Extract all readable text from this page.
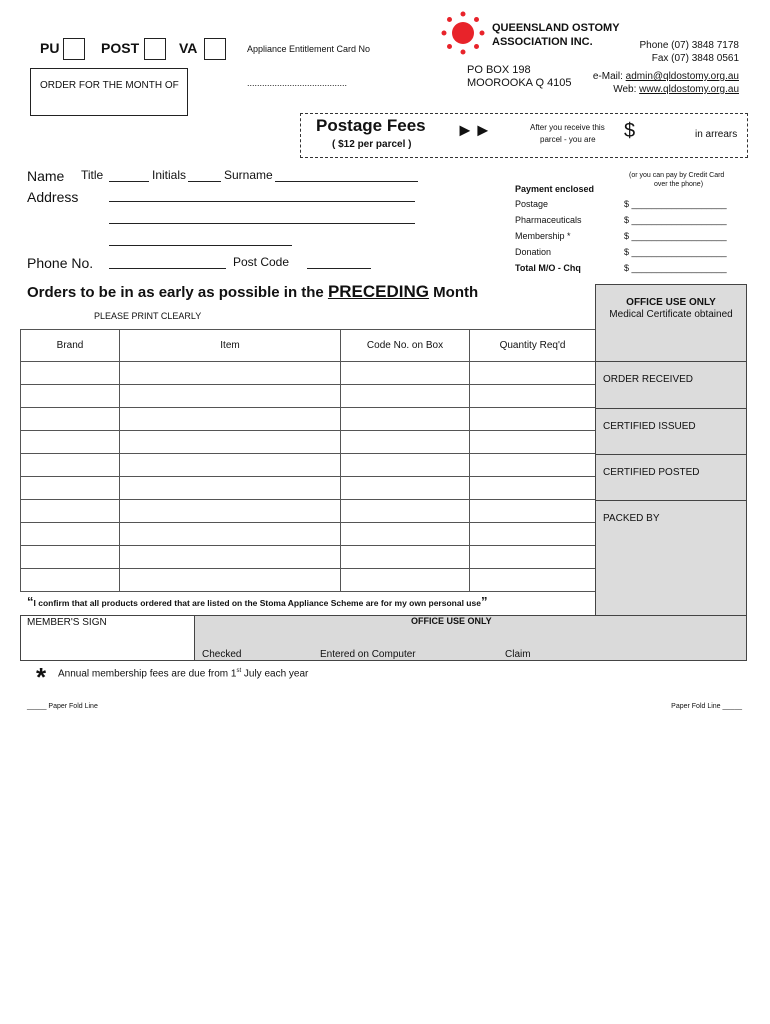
PU	POST	VA	Appliance Entitlement Card No
........................................
ORDER FOR THE MONTH OF
QUEENSLAND OSTOMY
ASSOCIATION INC.
PO BOX 198
MOOROOKA Q 4105
Phone (07) 3848 7178
Fax (07) 3848 0561
e-Mail: admin@qldostomy.org.au
Web: www.qldostomy.org.au
Postage Fees
( $12 per parcel )
►►	After you receive this
parcel - you are $	in arrears
Name Title	Initials	Surname
Address
Phone No.	Post Code
(or you can pay by Credit Card
over the phone)
Payment enclosed
Postage	$ ___________________
Pharmaceuticals	$ ___________________
Membership *	$ ___________________
Donation	$ ___________________
Total M/O - Chq	$ ___________________
Orders to be in as early as possible in the PRECEDING Month
PLEASE PRINT CLEARLY
Brand	Item	Code No. on Box	Quantity Req'd

OFFICE USE ONLY
Medical Certificate obtained
ORDER RECEIVED
CERTIFIED ISSUED
CERTIFIED POSTED
PACKED BY
“I confirm that all products ordered that are listed on the Stoma Appliance Scheme are for my own personal use”
MEMBER'S SIGN	OFFICE USE ONLY
Checked	Entered on Computer	Claim
* Annual membership fees are due from 1st July each year
_____ Paper Fold Line	Paper Fold Line _____
